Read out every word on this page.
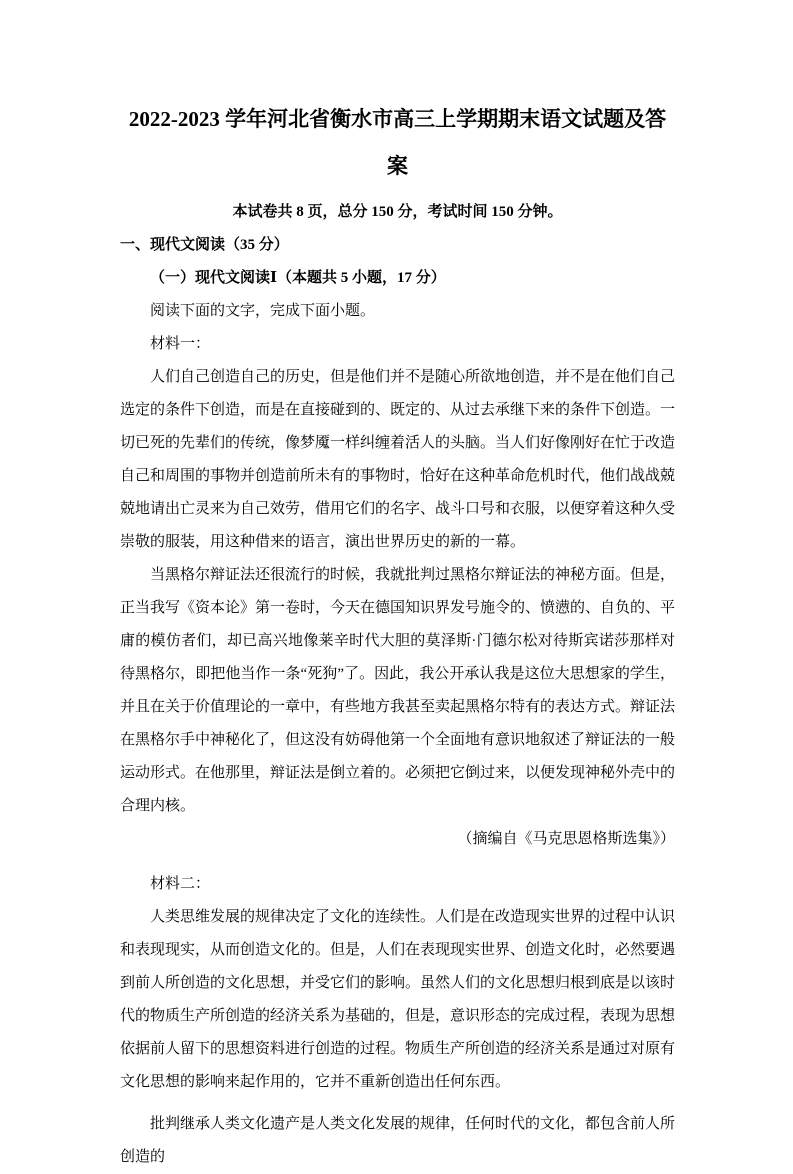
2022-2023 学年河北省衡水市高三上学期期末语文试题及答案

本试卷共 8 页，总分 150 分，考试时间 150 分钟。

一、现代文阅读（35 分）

（一）现代文阅读Ⅰ（本题共 5 小题，17 分）

阅读下面的文字，完成下面小题。

材料一：

人们自己创造自己的历史，但是他们并不是随心所欲地创造，并不是在他们自己选定的条件下创造，而是在直接碰到的、既定的、从过去承继下来的条件下创造。一切已死的先辈们的传统，像梦魇一样纠缠着活人的头脑。当人们好像刚好在忙于改造自己和周围的事物并创造前所未有的事物时，恰好在这种革命危机时代，他们战战兢兢地请出亡灵来为自己效劳，借用它们的名字、战斗口号和衣服，以便穿着这种久受崇敬的服装，用这种借来的语言，演出世界历史的新的一幕。

当黑格尔辩证法还很流行的时候，我就批判过黑格尔辩证法的神秘方面。但是，正当我写《资本论》第一卷时，今天在德国知识界发号施令的、愤懑的、自负的、平庸的模仿者们，却已高兴地像莱辛时代大胆的莫泽斯·门德尔松对待斯宾诺莎那样对待黑格尔，即把他当作一条“死狗”了。因此，我公开承认我是这位大思想家的学生，并且在关于价值理论的一章中，有些地方我甚至卖起黑格尔特有的表达方式。辩证法在黑格尔手中神秘化了，但这没有妨碍他第一个全面地有意识地叙述了辩证法的一般运动形式。在他那里，辩证法是倒立着的。必须把它倒过来，以便发现神秘外壳中的合理内核。

（摘编自《马克思恩格斯选集》）

材料二：

人类思维发展的规律决定了文化的连续性。人们是在改造现实世界的过程中认识和表现现实，从而创造文化的。但是，人们在表现现实世界、创造文化时，必然要遇到前人所创造的文化思想，并受它们的影响。虽然人们的文化思想归根到底是以该时代的物质生产所创造的经济关系为基础的，但是，意识形态的完成过程，表现为思想依据前人留下的思想资料进行创造的过程。物质生产所创造的经济关系是通过对原有文化思想的影响来起作用的，它并不重新创造出任何东西。

批判继承人类文化遗产是人类文化发展的规律，任何时代的文化，都包含前人所创造的
